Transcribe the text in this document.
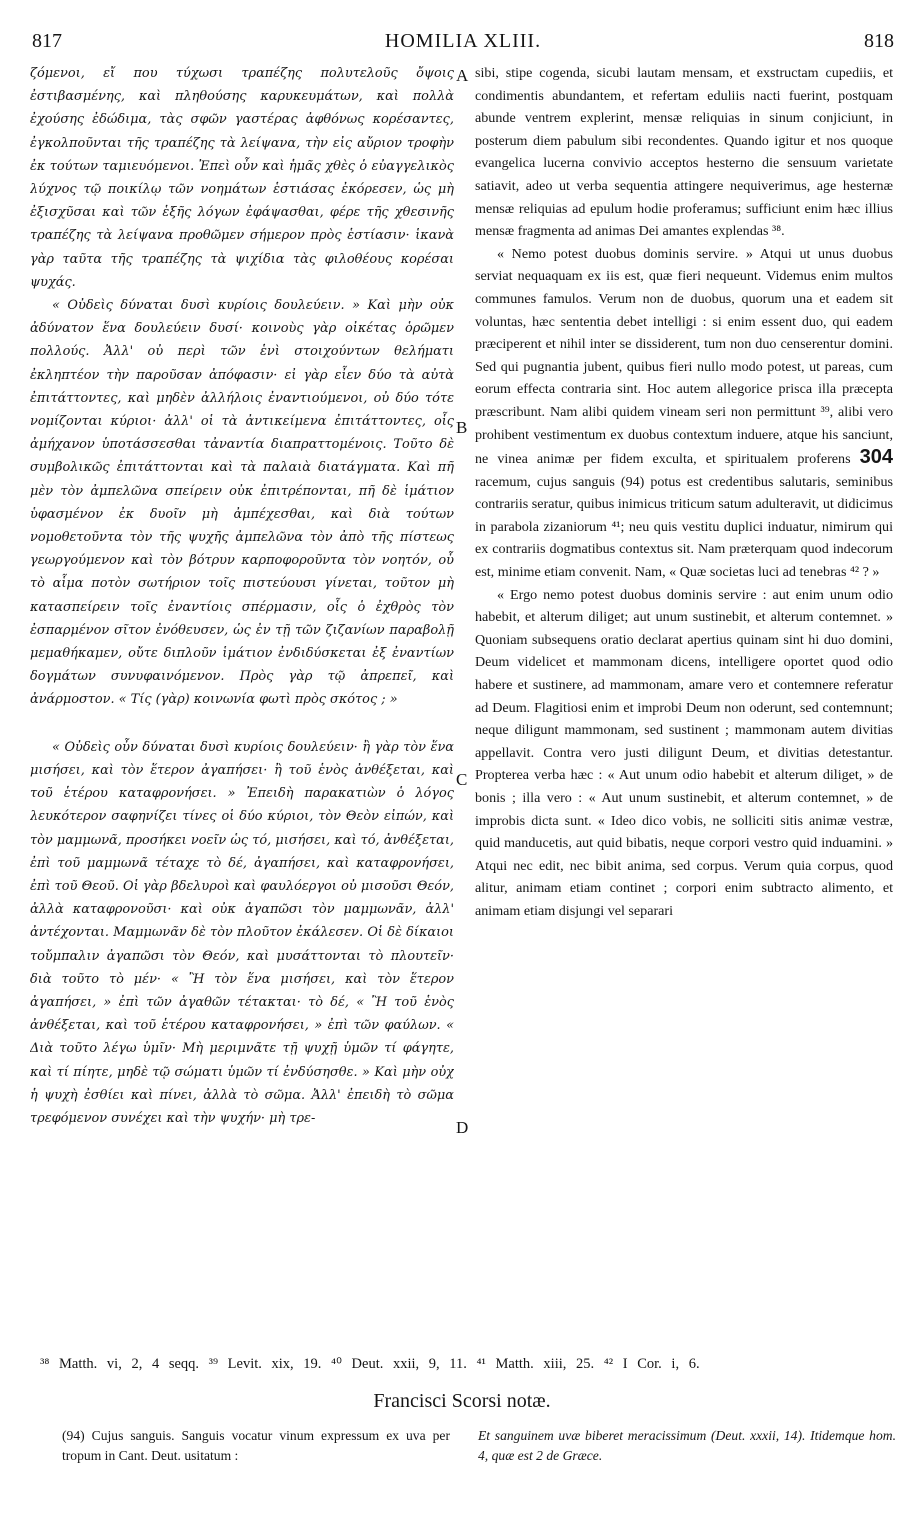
817	HOMILIA XLIII.	818

ζόμενοι, εἴ που τύχωσι τραπέζης πολυτελοῦς ὄψοις ἐστιβασμένης, καὶ πληθούσης καρυκευμάτων, καὶ πολλὰ ἐχούσης ἐδώδιμα, τὰς σφῶν γαστέρας ἀφθόνως κορέσαντες, ἐγκολποῦνται τῆς τραπέζης τὰ λείψανα, τὴν εἰς αὔριον τροφὴν ἐκ τούτων ταμιευόμενοι. Ἐπεὶ οὖν καὶ ἡμᾶς χθὲς ὁ εὐαγγελικὸς λύχνος τῷ ποικίλῳ τῶν νοημάτων ἑστιάσας ἐκόρεσεν, ὡς μὴ ἐξισχῦσαι καὶ τῶν ἑξῆς λόγων ἐφάψασθαι, φέρε τῆς χθεσινῆς τραπέζης τὰ λείψανα προθῶμεν σήμερον πρὸς ἑστίασιν· ἱκανὰ γὰρ ταῦτα τῆς τραπέζης τὰ ψιχίδια τὰς φιλοθέους κορέσαι ψυχάς.

« Οὐδεὶς δύναται δυσὶ κυρίοις δουλεύειν. » Καὶ μὴν οὐκ ἀδύνατον ἕνα δουλεύειν δυσί· κοινοὺς γὰρ οἰκέτας ὁρῶμεν πολλούς. Ἀλλ' οὐ περὶ τῶν ἑνὶ στοιχούντων θελήματι ἐκληπτέον τὴν παροῦσαν ἀπόφασιν· εἰ γὰρ εἶεν δύο τὰ αὐτὰ ἐπιτάττοντες, καὶ μηδὲν ἀλλήλοις ἐναντιούμενοι, οὐ δύο τότε νομίζονται κύριοι· ἀλλ' οἱ τὰ ἀντικείμενα ἐπιτάττοντες, οἷς ἀμήχανον ὑποτάσσεσθαι τἀναντία διαπραττομένοις. Τοῦτο δὲ συμβολικῶς ἐπιτάττονται καὶ τὰ παλαιὰ διατάγματα. Καὶ πῆ μὲν τὸν ἀμπελῶνα σπείρειν οὐκ ἐπιτρέπονται, πῆ δὲ ἱμάτιον ὑφασμένον ἐκ δυοῖν μὴ ἀμπέχεσθαι, καὶ διὰ τούτων νομοθετοῦντα τὸν τῆς ψυχῆς ἀμπελῶνα τὸν ἀπὸ τῆς πίστεως γεωργούμενον καὶ τὸν βότρυν καρποφοροῦντα τὸν νοητόν, οὗ τὸ αἷμα ποτὸν σωτήριον τοῖς πιστεύουσι γίνεται, τοῦτον μὴ κατασπείρειν τοῖς ἐναντίοις σπέρμασιν, οἷς ὁ ἐχθρὸς τὸν ἐσπαρμένον σῖτον ἐνόθευσεν, ὡς ἐν τῇ τῶν ζιζανίων παραβολῇ μεμαθήκαμεν, οὔτε διπλοῦν ἱμάτιον ἐνδιδύσκεται ἐξ ἐναντίων δογμάτων συνυφαινόμενον. Πρὸς γὰρ τῷ ἀπρεπεῖ, καὶ ἀνάρμοστον. « Τίς (γὰρ) κοινωνία φωτὶ πρὸς σκότος ; »

« Οὐδεὶς οὖν δύναται δυσὶ κυρίοις δουλεύειν· ἢ γὰρ τὸν ἕνα μισήσει, καὶ τὸν ἕτερον ἀγαπήσει· ἢ τοῦ ἑνὸς ἀνθέξεται, καὶ τοῦ ἑτέρου καταφρονήσει. » Ἐπειδὴ παρακατιὼν ὁ λόγος λευκότερον σαφηνίζει τίνες οἱ δύο κύριοι, τὸν Θεὸν εἰπών, καὶ τὸν μαμμωνᾶ, προσήκει νοεῖν ὡς τό, μισήσει, καὶ τό, ἀνθέξεται, ἐπὶ τοῦ μαμμωνᾶ τέταχε τὸ δέ, ἀγαπήσει, καὶ καταφρονήσει, ἐπὶ τοῦ Θεοῦ. Οἱ γὰρ βδελυροὶ καὶ φαυλόεργοι οὐ μισοῦσι Θεόν, ἀλλὰ καταφρονοῦσι· καὶ οὐκ ἀγαπῶσι τὸν μαμμωνᾶν, ἀλλ' ἀντέχονται. Μαμμωνᾶν δὲ τὸν πλοῦτον ἐκάλεσεν. Οἱ δὲ δίκαιοι τοὔμπαλιν ἀγαπῶσι τὸν Θεόν, καὶ μυσάττονται τὸ πλουτεῖν· διὰ τοῦτο τὸ μέν· « Ἢ τὸν ἕνα μισήσει, καὶ τὸν ἕτερον ἀγαπήσει, » ἐπὶ τῶν ἀγαθῶν τέτακται· τὸ δέ, « Ἢ τοῦ ἑνὸς ἀνθέξεται, καὶ τοῦ ἑτέρου καταφρονήσει, » ἐπὶ τῶν φαύλων. « Διὰ τοῦτο λέγω ὑμῖν· Μὴ μεριμνᾶτε τῇ ψυχῇ ὑμῶν τί φάγητε, καὶ τί πίητε, μηδὲ τῷ σώματι ὑμῶν τί ἐνδύσησθε. » Καὶ μὴν οὐχ ἡ ψυχὴ ἐσθίει καὶ πίνει, ἀλλὰ τὸ σῶμα. Ἀλλ' ἐπειδὴ τὸ σῶμα τρεφόμενον συνέχει καὶ τὴν ψυχήν· μὴ τρε-

A
B
C
D

sibi, stipe cogenda, sicubi lautam mensam, et exstructam cupediis, et condimentis abundantem, et refertam eduliis nacti fuerint, postquam abunde ventrem explerint, mensæ reliquias in sinum conjiciunt, in posterum diem pabulum sibi recondentes. Quando igitur et nos quoque evangelica lucerna convivio acceptos hesterno die sensuum varietate satiavit, adeo ut verba sequentia attingere nequiverimus, age hesternæ mensæ reliquias ad epulum hodie proferamus; sufficiunt enim hæc illius mensæ fragmenta ad animas Dei amantes explendas ³⁸.

« Nemo potest duobus dominis servire. » Atqui ut unus duobus serviat nequaquam ex iis est, quæ fieri nequeunt. Videmus enim multos communes famulos. Verum non de duobus, quorum una et eadem sit voluntas, hæc sententia debet intelligi : si enim essent duo, qui eadem præciperent et nihil inter se dissiderent, tum non duo censerentur domini. Sed qui pugnantia jubent, quibus fieri nullo modo potest, ut pareas, cum eorum effecta contraria sint. Hoc autem allegorice prisca illa præcepta præscribunt. Nam alibi quidem vineam seri non permittunt ³⁹, alibi vero prohibent vestimentum ex duobus contextum induere, atque his sanciunt, ne vinea animæ per fidem exculta, et spiritualem proferens 304 racemum, cujus sanguis (94) potus est credentibus salutaris, seminibus contrariis seratur, quibus inimicus triticum satum adulteravit, ut didicimus in parabola zizaniorum ⁴¹; neu quis vestitu duplici induatur, nimirum qui ex contrariis dogmatibus contextus sit. Nam præterquam quod indecorum est, minime etiam convenit. Nam, « Quæ societas luci ad tenebras ⁴² ? »

« Ergo nemo potest duobus dominis servire : aut enim unum odio habebit, et alterum diliget; aut unum sustinebit, et alterum contemnet. » Quoniam subsequens oratio declarat apertius quinam sint hi duo domini, Deum videlicet et mammonam dicens, intelligere oportet quod odio habere et sustinere, ad mammonam, amare vero et contemnere referatur ad Deum. Flagitiosi enim et improbi Deum non oderunt, sed contemnunt; neque diligunt mammonam, sed sustinent ; mammonam autem divitias appellavit. Contra vero justi diligunt Deum, et divitias detestantur. Propterea verba hæc : « Aut unum odio habebit et alterum diliget, » de bonis ; illa vero : « Aut unum sustinebit, et alterum contemnet, » de improbis dicta sunt. « Ideo dico vobis, ne solliciti sitis animæ vestræ, quid manducetis, aut quid bibatis, neque corpori vestro quid induamini. » Atqui nec edit, nec bibit anima, sed corpus. Verum quia corpus, quod alitur, animam etiam continet ; corpori enim subtracto alimento, et animam etiam disjungi vel separari

³⁸ Matth. vi, 2, 4 seqq. ³⁹ Levit. xix, 19. ⁴⁰ Deut. xxii, 9, 11. ⁴¹ Matth. xiii, 25. ⁴² I Cor. i, 6.
Francisci Scorsi notæ.
(94) Cujus sanguis. Sanguis vocatur vinum expressum ex uva per tropum in Cant. Deut. usitatum :
Et sanguinem uvæ biberet meracissimum (Deut. xxxii, 14). Itidemque hom. 4, quæ est 2 de Græce.
